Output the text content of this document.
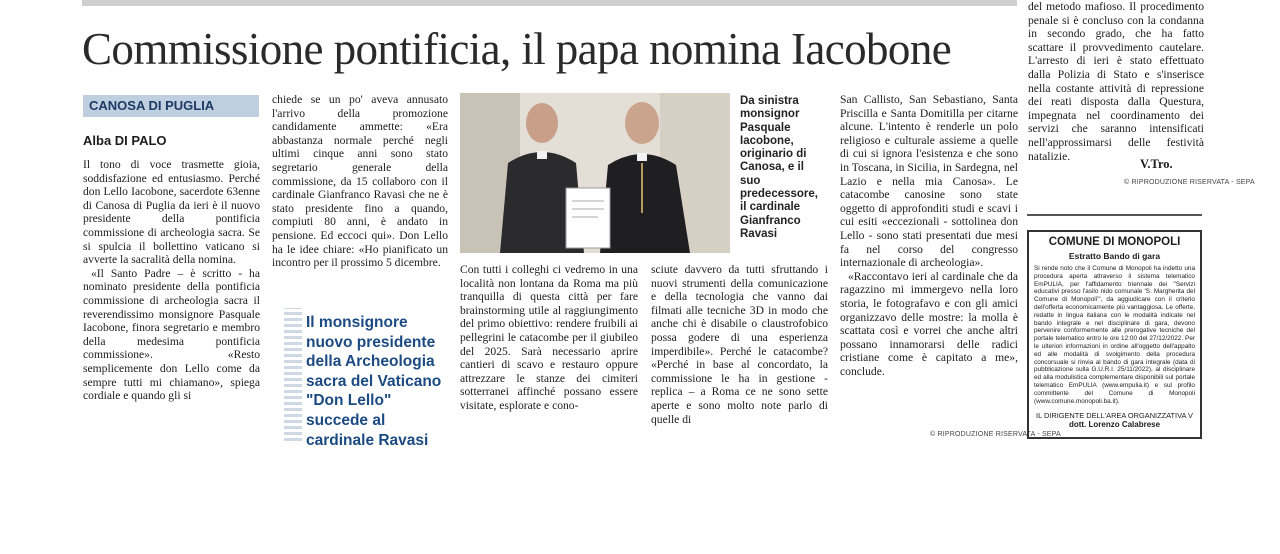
Commissione pontificia, il papa nomina Iacobone
CANOSA DI PUGLIA
Alba DI PALO

Il tono di voce trasmette gioia, soddisfazione ed entusiasmo. Perché don Lello Iacobone, sacerdote 63enne di Canosa di Puglia da ieri è il nuovo presidente della pontificia commissione di archeologia sacra. Se si spulcia il bollettino vaticano si avverte la sacralità della nomina.

«Il Santo Padre – è scritto - ha nominato presidente della pontificia commissione di archeologia sacra il reverendissimo monsignore Pasquale Iacobone, finora segretario e membro della medesima pontificia commissione». «Resto semplicemente don Lello come da sempre tutti mi chiamano», spiega cordiale e quando gli si

chiede se un po' aveva annusato l'arrivo della promozione candidamente ammette: «Era abbastanza normale perché negli ultimi cinque anni sono stato segretario generale della commissione, da 15 collaboro con il cardinale Gianfranco Ravasi che ne è stato presidente fino a quando, compiuti 80 anni, è andato in pensione. Ed eccoci qui». Don Lello ha le idee chiare: «Ho pianificato un incontro per il prossimo 5 dicembre.

Il monsignore nuovo presidente della Archeologia sacra del Vaticano "Don Lello" succede al cardinale Ravasi
Da sinistra monsignor Pasquale Iacobone, originario di Canosa, e il suo predecessore, il cardinale Gianfranco Ravasi

Con tutti i colleghi ci vedremo in una località non lontana da Roma ma più tranquilla di questa città per fare brainstorming utile al raggiungimento del primo obiettivo: rendere fruibili ai pellegrini le catacombe per il giubileo del 2025. Sarà necessario aprire cantieri di scavo e restauro oppure attrezzare le stanze dei cimiteri sotterranei affinché possano essere visitate, esplorate e cono-

sciute davvero da tutti sfruttando i nuovi strumenti della comunicazione e della tecnologia che vanno dai filmati alle tecniche 3D in modo che anche chi è disabile o claustrofobico possa godere di una esperienza imperdibile». Perché le catacombe? «Perché in base al concordato, la commissione le ha in gestione - replica – a Roma ce ne sono sette aperte e sono molto note parlo di quelle di

© RIPRODUZIONE RISERVATA - SEPA

San Callisto, San Sebastiano, Santa Priscilla e Santa Domitilla per citarne alcune. L'intento è renderle un polo religioso e culturale assieme a quelle di cui si ignora l'esistenza e che sono in Toscana, in Sicilia, in Sardegna, nel Lazio e nella mia Canosa». Le catacombe canosine sono state oggetto di approfonditi studi e scavi i cui esiti «eccezionali - sottolinea don Lello - sono stati presentati due mesi fa nel corso del congresso internazionale di archeologia».

«Raccontavo ieri al cardinale che da ragazzino mi immergevo nella loro storia, le fotografavo e con gli amici organizzavo delle mostre: la molla è scattata così e vorrei che anche altri possano innamorarsi delle radici cristiane come è capitato a me», conclude.

del metodo mafioso. Il procedimento penale si è concluso con la condanna in secondo grado, che ha fatto scattare il provvedimento cautelare. L'arresto di ieri è stato effettuato dalla Polizia di Stato e s'inserisce nella costante attività di repressione dei reati disposta dalla Questura, impegnata nel coordinamento dei servizi che saranno intensificati nell'approssimarsi delle festività natalizie.

V.Tro.
© RIPRODUZIONE RISERVATA - SEPA
COMUNE DI MONOPOLI
Estratto Bando di gara
Si rende noto che il Comune di Monopoli ha indetto una procedura aperta attraverso il sistema telematico EmPULIA, per l'affidamento triennale dei "Servizi educativi presso l'asilo nido comunale 'S. Margherita del Comune di Monopoli'", da aggiudicare con il criterio dell'offerta economicamente più vantaggiosa. Le offerte, redatte in lingua italiana con le modalità indicate nel bando integrale e nel disciplinare di gara, devono pervenire conformemente alle prerogative tecniche del portale telematico entro le ore 12:00 del 27/12/2022. Per le ulteriori informazioni in ordine all'oggetto dell'appalto ed alle modalità di svolgimento della procedura concorsuale si rinvia al bando di gara integrale (data di pubblicazione sulla G.U.R.I. 25/11/2022), al disciplinare ed alla modulistica complementare disponibili sul portale telematico EmPULIA (www.empulia.it) e sul profilo committente del Comune di Monopoli (www.comune.monopoli.ba.it).
IL DIRIGENTE DELL'AREA ORGANIZZATIVA V
dott. Lorenzo Calabrese
